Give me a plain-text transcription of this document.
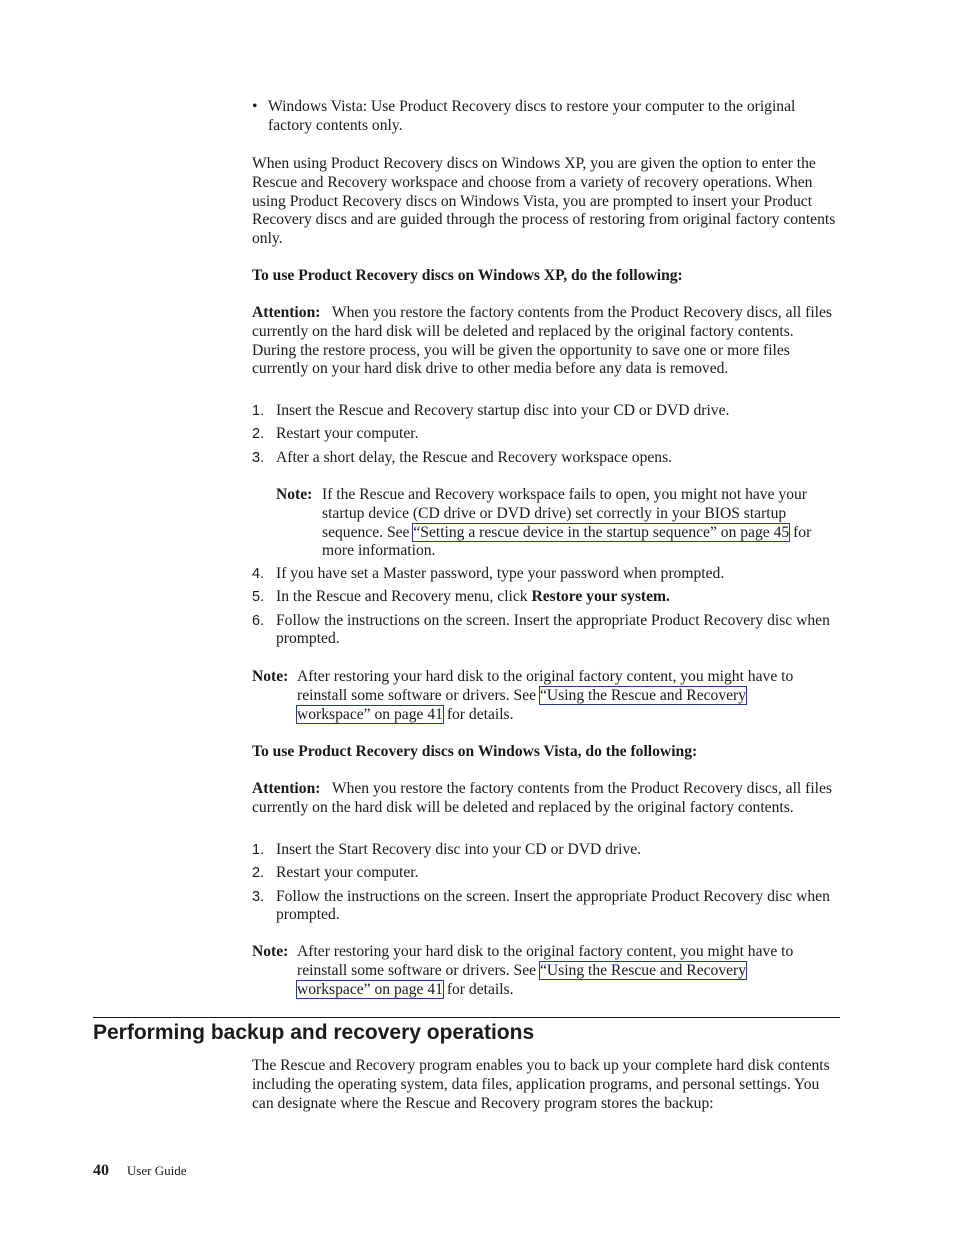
• Windows Vista: Use Product Recovery discs to restore your computer to the original factory contents only.

When using Product Recovery discs on Windows XP, you are given the option to enter the Rescue and Recovery workspace and choose from a variety of recovery operations. When using Product Recovery discs on Windows Vista, you are prompted to insert your Product Recovery discs and are guided through the process of restoring from original factory contents only.

To use Product Recovery discs on Windows XP, do the following:

Attention: When you restore the factory contents from the Product Recovery discs, all files currently on the hard disk will be deleted and replaced by the original factory contents. During the restore process, you will be given the opportunity to save one or more files currently on your hard disk drive to other media before any data is removed.

1. Insert the Rescue and Recovery startup disc into your CD or DVD drive.

2. Restart your computer.

3. After a short delay, the Rescue and Recovery workspace opens.

Note: If the Rescue and Recovery workspace fails to open, you might not have your startup device (CD drive or DVD drive) set correctly in your BIOS startup sequence. See “Setting a rescue device in the startup sequence” on page 45 for more information.

4. If you have set a Master password, type your password when prompted.

5. In the Rescue and Recovery menu, click Restore your system.

6. Follow the instructions on the screen. Insert the appropriate Product Recovery disc when prompted.

Note: After restoring your hard disk to the original factory content, you might have to reinstall some software or drivers. See “Using the Rescue and Recovery workspace” on page 41 for details.

To use Product Recovery discs on Windows Vista, do the following:

Attention: When you restore the factory contents from the Product Recovery discs, all files currently on the hard disk will be deleted and replaced by the original factory contents.

1. Insert the Start Recovery disc into your CD or DVD drive.

2. Restart your computer.

3. Follow the instructions on the screen. Insert the appropriate Product Recovery disc when prompted.

Note: After restoring your hard disk to the original factory content, you might have to reinstall some software or drivers. See “Using the Rescue and Recovery workspace” on page 41 for details.
Performing backup and recovery operations

The Rescue and Recovery program enables you to back up your complete hard disk contents including the operating system, data files, application programs, and personal settings. You can designate where the Rescue and Recovery program stores the backup:

40 User Guide
